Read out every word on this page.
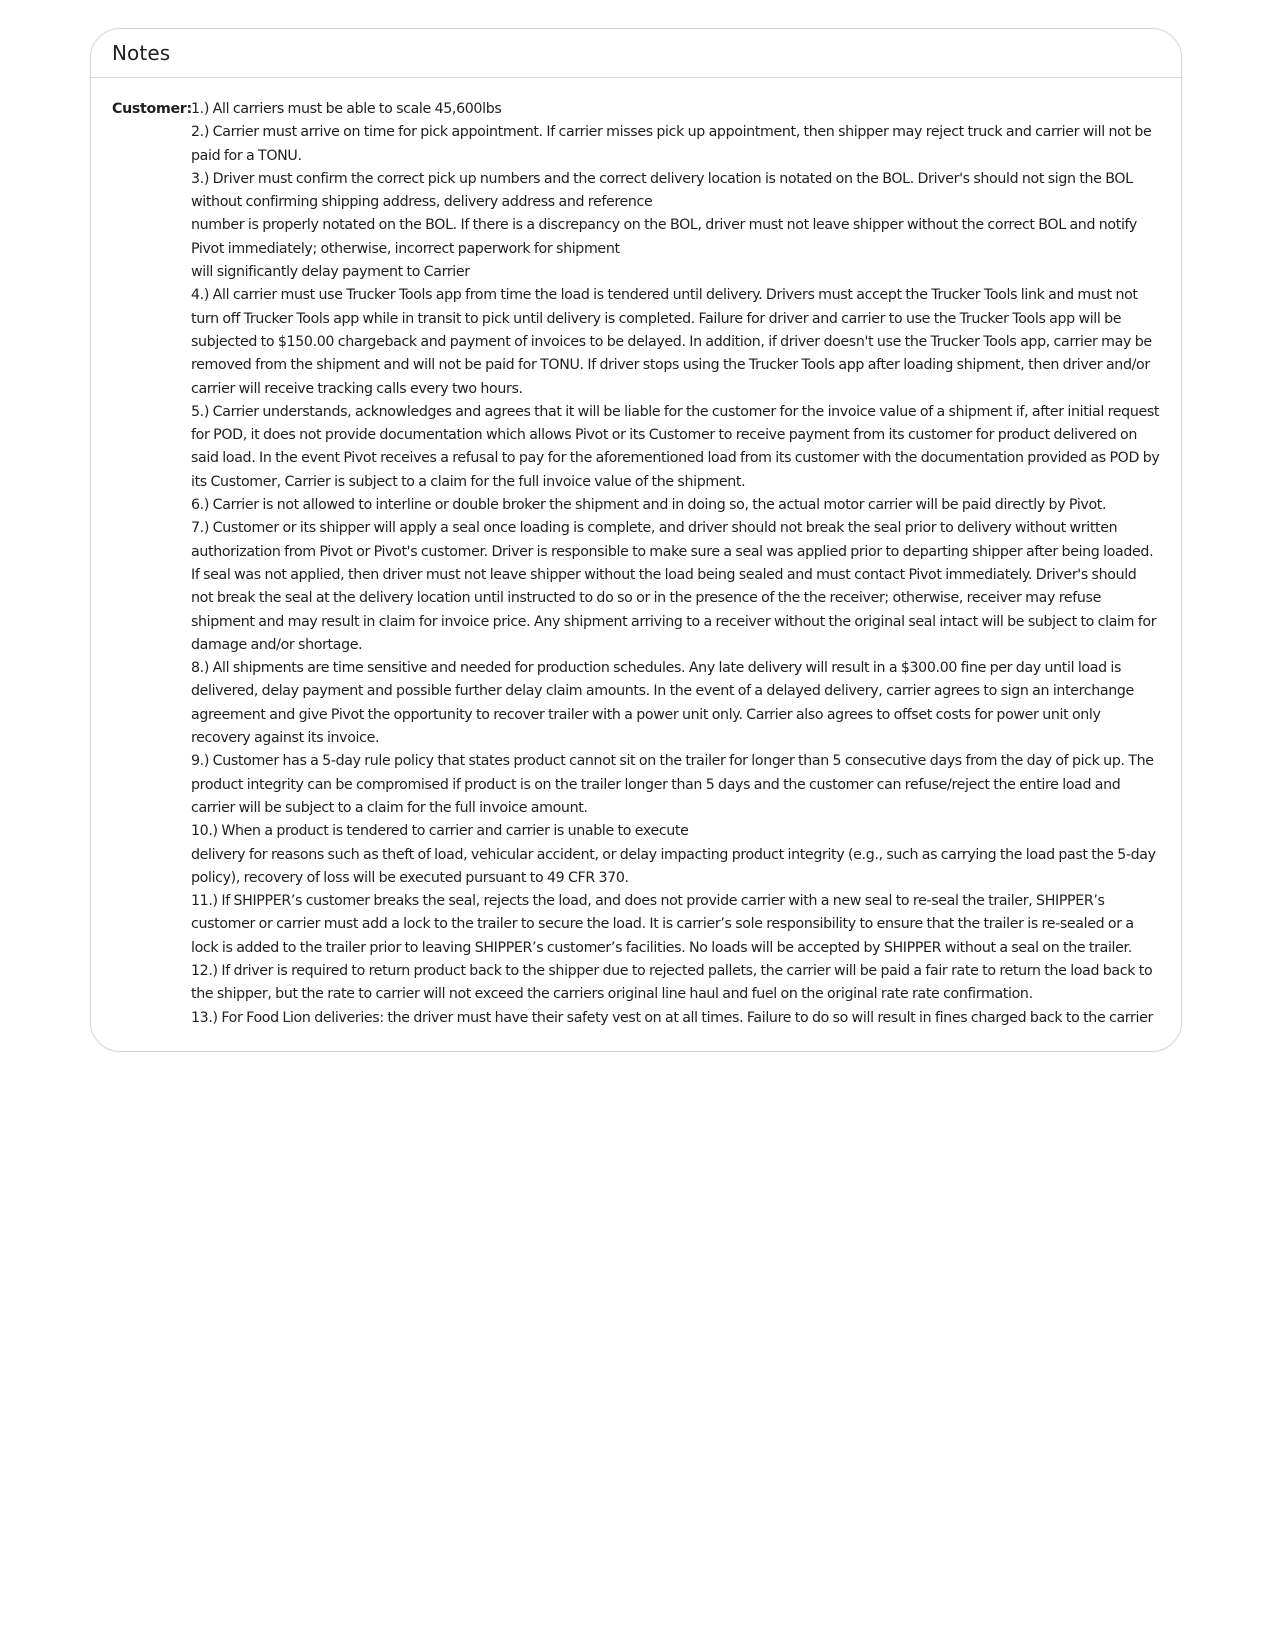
Notes
Customer: 1.) All carriers must be able to scale 45,600lbs
2.) Carrier must arrive on time for pick appointment. If carrier misses pick up appointment, then shipper may reject truck and carrier will not be paid for a TONU.
3.) Driver must confirm the correct pick up numbers and the correct delivery location is notated on the BOL. Driver's should not sign the BOL without confirming shipping address, delivery address and reference
number is properly notated on the BOL. If there is a discrepancy on the BOL, driver must not leave shipper without the correct BOL and notify Pivot immediately; otherwise, incorrect paperwork for shipment
will significantly delay payment to Carrier
4.) All carrier must use Trucker Tools app from time the load is tendered until delivery. Drivers must accept the Trucker Tools link and must not turn off Trucker Tools app while in transit to pick until delivery is completed. Failure for driver and carrier to use the Trucker Tools app will be subjected to $150.00 chargeback and payment of invoices to be delayed. In addition, if driver doesn't use the Trucker Tools app, carrier may be removed from the shipment and will not be paid for TONU. If driver stops using the Trucker Tools app after loading shipment, then driver and/or carrier will receive tracking calls every two hours.
5.) Carrier understands, acknowledges and agrees that it will be liable for the customer for the invoice value of a shipment if, after initial request for POD, it does not provide documentation which allows Pivot or its Customer to receive payment from its customer for product delivered on said load. In the event Pivot receives a refusal to pay for the aforementioned load from its customer with the documentation provided as POD by its Customer, Carrier is subject to a claim for the full invoice value of the shipment.
6.) Carrier is not allowed to interline or double broker the shipment and in doing so, the actual motor carrier will be paid directly by Pivot.
7.) Customer or its shipper will apply a seal once loading is complete, and driver should not break the seal prior to delivery without written authorization from Pivot or Pivot's customer. Driver is responsible to make sure a seal was applied prior to departing shipper after being loaded. If seal was not applied, then driver must not leave shipper without the load being sealed and must contact Pivot immediately. Driver's should not break the seal at the delivery location until instructed to do so or in the presence of the the receiver; otherwise, receiver may refuse shipment and may result in claim for invoice price. Any shipment arriving to a receiver without the original seal intact will be subject to claim for damage and/or shortage.
8.) All shipments are time sensitive and needed for production schedules. Any late delivery will result in a $300.00 fine per day until load is delivered, delay payment and possible further delay claim amounts. In the event of a delayed delivery, carrier agrees to sign an interchange agreement and give Pivot the opportunity to recover trailer with a power unit only. Carrier also agrees to offset costs for power unit only recovery against its invoice.
9.) Customer has a 5-day rule policy that states product cannot sit on the trailer for longer than 5 consecutive days from the day of pick up. The product integrity can be compromised if product is on the trailer longer than 5 days and the customer can refuse/reject the entire load and carrier will be subject to a claim for the full invoice amount.
10.) When a product is tendered to carrier and carrier is unable to execute
delivery for reasons such as theft of load, vehicular accident, or delay impacting product integrity (e.g., such as carrying the load past the 5-day policy), recovery of loss will be executed pursuant to 49 CFR 370.
11.) If SHIPPER’s customer breaks the seal, rejects the load, and does not provide carrier with a new seal to re-seal the trailer, SHIPPER’s customer or carrier must add a lock to the trailer to secure the load. It is carrier’s sole responsibility to ensure that the trailer is re-sealed or a lock is added to the trailer prior to leaving SHIPPER’s customer’s facilities. No loads will be accepted by SHIPPER without a seal on the trailer.
12.) If driver is required to return product back to the shipper due to rejected pallets, the carrier will be paid a fair rate to return the load back to the shipper, but the rate to carrier will not exceed the carriers original line haul and fuel on the original rate rate confirmation.
13.) For Food Lion deliveries: the driver must have their safety vest on at all times. Failure to do so will result in fines charged back to the carrier
